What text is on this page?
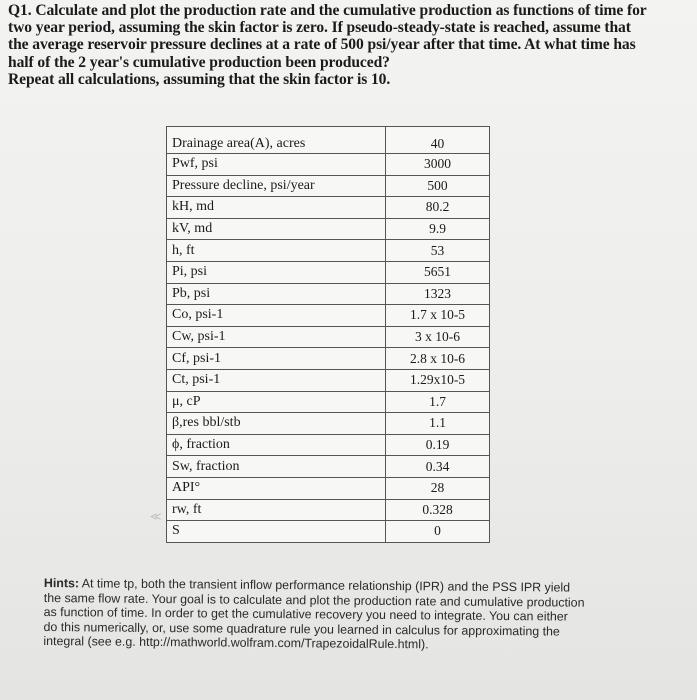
Q1. Calculate and plot the production rate and the cumulative production as functions of time for

two year period, assuming the skin factor is zero. If pseudo-steady-state is reached, assume that

the average reservoir pressure declines at a rate of 500 psi/year after that time. At what time has

half of the 2 year's cumulative production been produced?

Repeat all calculations, assuming that the skin factor is 10.

Drainage area(A), acres	40
Pwf, psi	3000
Pressure decline, psi/year	500
kH, md	80.2
kV, md	9.9
h, ft	53
Pi, psi	5651
Pb, psi	1323
Co, psi-1	1.7 x 10-5
Cw, psi-1	3 x 10-6
Cf, psi-1	2.8 x 10-6
Ct, psi-1	1.29x10-5
μ, cP	1.7
β,res bbl/stb	1.1
ϕ, fraction	0.19
Sw, fraction	0.34
API°	28
rw, ft	0.328
S	0
≪

Hints: At time tp, both the transient inflow performance relationship (IPR) and the PSS IPR yield

the same flow rate. Your goal is to calculate and plot the production rate and cumulative production

as function of time. In order to get the cumulative recovery you need to integrate. You can either

do this numerically, or, use some quadrature rule you learned in calculus for approximating the

integral (see e.g. http://mathworld.wolfram.com/TrapezoidalRule.html).
